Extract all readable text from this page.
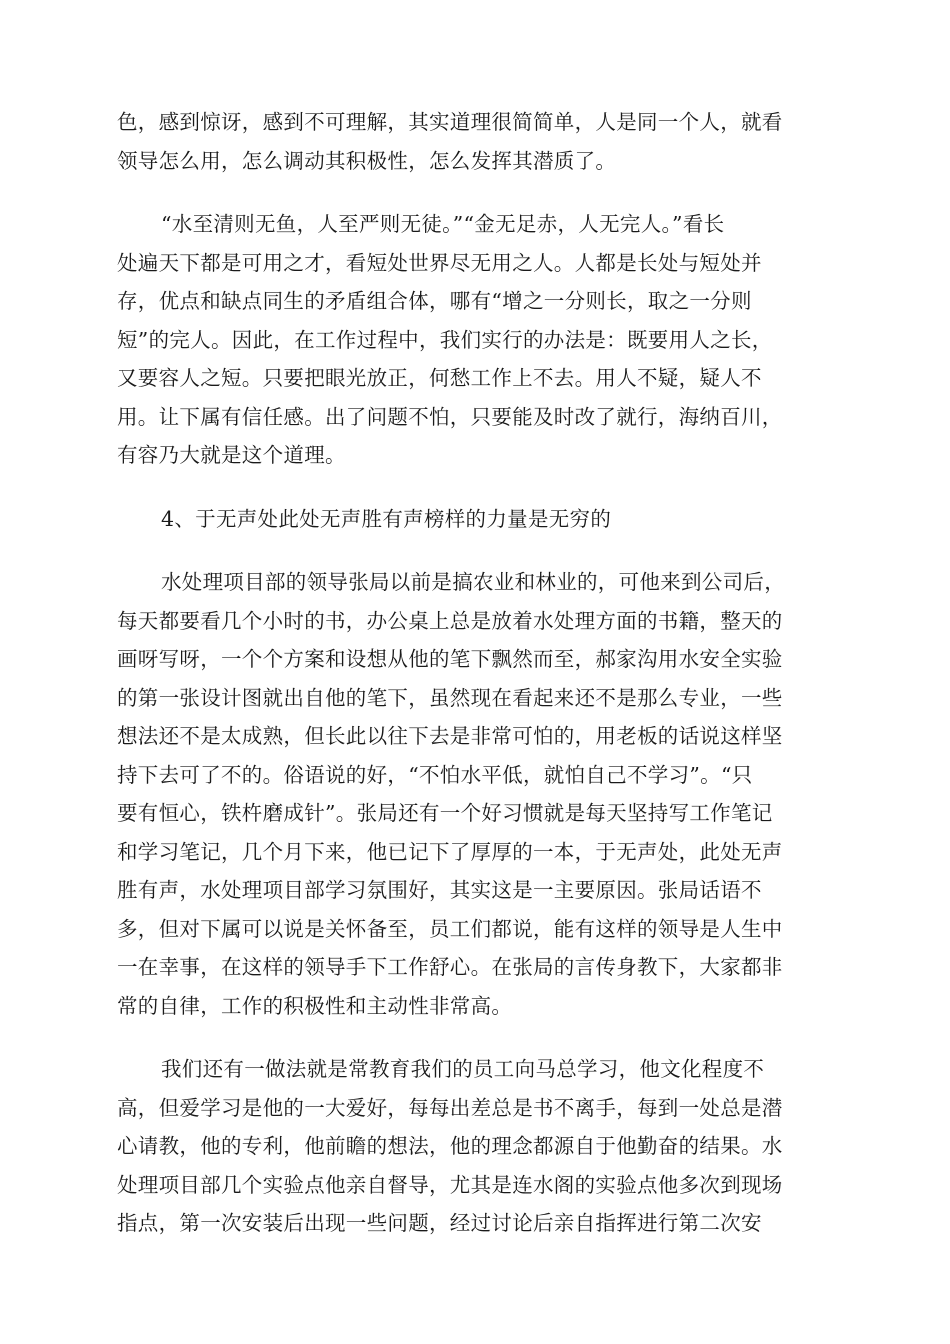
色，感到惊讶，感到不可理解，其实道理很简简单，人是同一个人，就看
领导怎么用，怎么调动其积极性，怎么发挥其潜质了。

“水至清则无鱼，人至严则无徒。”“金无足赤，人无完人。”看长
处遍天下都是可用之才，看短处世界尽无用之人。人都是长处与短处并
存，优点和缺点同生的矛盾组合体，哪有“增之一分则长，取之一分则
短”的完人。因此，在工作过程中，我们实行的办法是：既要用人之长，
又要容人之短。只要把眼光放正，何愁工作上不去。用人不疑，疑人不
用。让下属有信任感。出了问题不怕，只要能及时改了就行，海纳百川，
有容乃大就是这个道理。

4、于无声处此处无声胜有声榜样的力量是无穷的

水处理项目部的领导张局以前是搞农业和林业的，可他来到公司后，
每天都要看几个小时的书，办公桌上总是放着水处理方面的书籍，整天的
画呀写呀，一个个方案和设想从他的笔下飘然而至，郝家沟用水安全实验
的第一张设计图就出自他的笔下，虽然现在看起来还不是那么专业，一些
想法还不是太成熟，但长此以往下去是非常可怕的，用老板的话说这样坚
持下去可了不的。俗语说的好，“不怕水平低，就怕自己不学习”。“只
要有恒心，铁杵磨成针”。张局还有一个好习惯就是每天坚持写工作笔记
和学习笔记，几个月下来，他已记下了厚厚的一本，于无声处，此处无声
胜有声，水处理项目部学习氛围好，其实这是一主要原因。张局话语不
多，但对下属可以说是关怀备至，员工们都说，能有这样的领导是人生中
一在幸事，在这样的领导手下工作舒心。在张局的言传身教下，大家都非
常的自律，工作的积极性和主动性非常高。

我们还有一做法就是常教育我们的员工向马总学习，他文化程度不
高，但爱学习是他的一大爱好，每每出差总是书不离手，每到一处总是潜
心请教，他的专利，他前瞻的想法，他的理念都源自于他勤奋的结果。水
处理项目部几个实验点他亲自督导，尤其是连水阁的实验点他多次到现场
指点，第一次安装后出现一些问题，经过讨论后亲自指挥进行第二次安
